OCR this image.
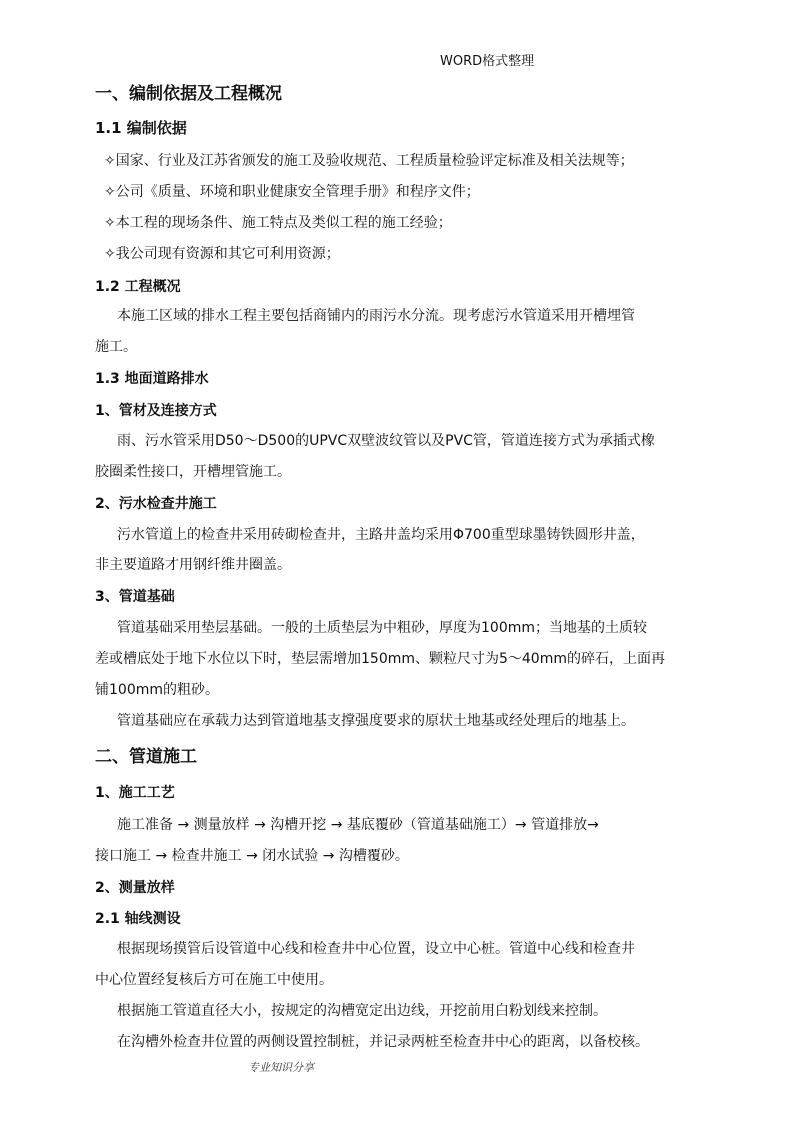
WORD格式整理
一、编制依据及工程概况
1.1 编制依据
✧国家、行业及江苏省颁发的施工及验收规范、工程质量检验评定标准及相关法规等；
✧公司《质量、环境和职业健康安全管理手册》和程序文件；
✧本工程的现场条件、施工特点及类似工程的施工经验；
✧我公司现有资源和其它可利用资源；
1.2 工程概况
本施工区域的排水工程主要包括商铺内的雨污水分流。现考虑污水管道采用开槽埋管
施工。
1.3 地面道路排水
1、管材及连接方式
雨、污水管采用D50～D500的UPVC双壁波纹管以及PVC管，管道连接方式为承插式橡
胶圈柔性接口，开槽埋管施工。
2、污水检查井施工
污水管道上的检查井采用砖砌检查井，主路井盖均采用Φ700重型球墨铸铁圆形井盖，
非主要道路才用钢纤维井圈盖。
3、管道基础
管道基础采用垫层基础。一般的土质垫层为中粗砂，厚度为100mm；当地基的土质较
差或槽底处于地下水位以下时，垫层需增加150mm、颗粒尺寸为5～40mm的碎石，上面再
铺100mm的粗砂。
管道基础应在承载力达到管道地基支撑强度要求的原状土地基或经处理后的地基上。
二、管道施工
1、施工工艺
施工准备 → 测量放样 → 沟槽开挖 → 基底覆砂（管道基础施工）→ 管道排放→
接口施工 → 检查井施工 → 闭水试验 → 沟槽覆砂。
2、测量放样
2.1 轴线测设
根据现场摸管后设管道中心线和检查井中心位置，设立中心桩。管道中心线和检查井
中心位置经复核后方可在施工中使用。
根据施工管道直径大小，按规定的沟槽宽定出边线，开挖前用白粉划线来控制。
在沟槽外检查井位置的两侧设置控制桩，并记录两桩至检查井中心的距离，以备校核。
专业知识分享
